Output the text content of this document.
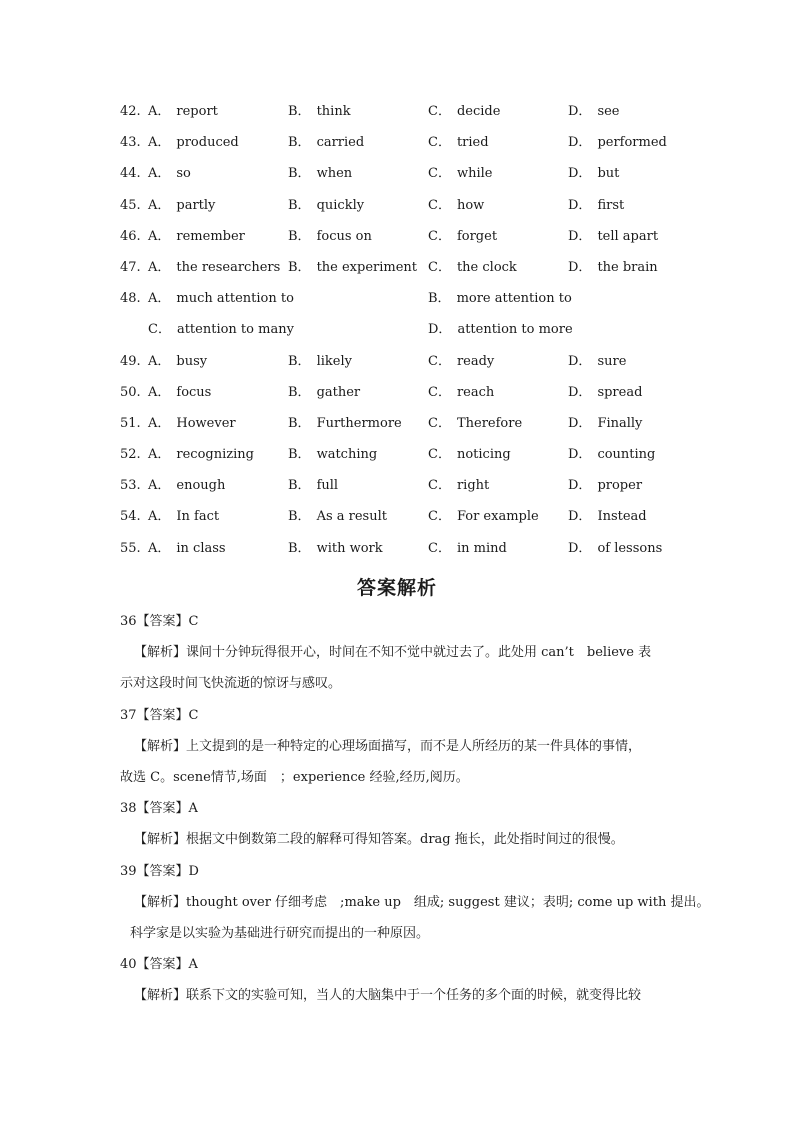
42. A． report	B． think	C． decide	D． see
43. A． produced	B． carried	C． tried	D． performed
44. A． so	B． when	C． while	D． but
45. A． partly	B． quickly	C． how	D． first
46. A． remember	B． focus on	C． forget	D． tell apart
47. A． the researchers B． the experiment C． the clock	D． the brain
48. A． much attention to	B． more attention to
C． attention to many	D． attention to more
49. A． busy	B． likely	C． ready	D． sure
50. A． focus	B． gather	C． reach	D． spread
51. A． However	B． Furthermore C． Therefore	D． Finally
52. A． recognizing	B． watching	C． noticing	D． counting
53. A． enough	B． full	C． right	D． proper
54. A． In fact	B． As a result	C． For example D． Instead
55. A． in class	B． with work	C． in mind	D． of lessons
答案解析
36【答案】C
【解析】课间十分钟玩得很开心，时间在不知不觉中就过去了。此处用 can’t　believe 表
示对这段时间飞快流逝的惊讶与感叹。
37【答案】C
【解析】上文提到的是一种特定的心理场面描写，而不是人所经历的某一件具体的事情，
故选 C。scene情节,场面　；experience 经验,经历,阅历。
38【答案】A
【解析】根据文中倒数第二段的解释可得知答案。drag 拖长，此处指时间过的很慢。
39【答案】D
【解析】thought over 仔细考虑　;make up　组成; suggest 建议；表明; come up with 提出。
科学家是以实验为基础进行研究而提出的一种原因。
40【答案】A
【解析】联系下文的实验可知，当人的大脑集中于一个任务的多个面的时候，就变得比较
